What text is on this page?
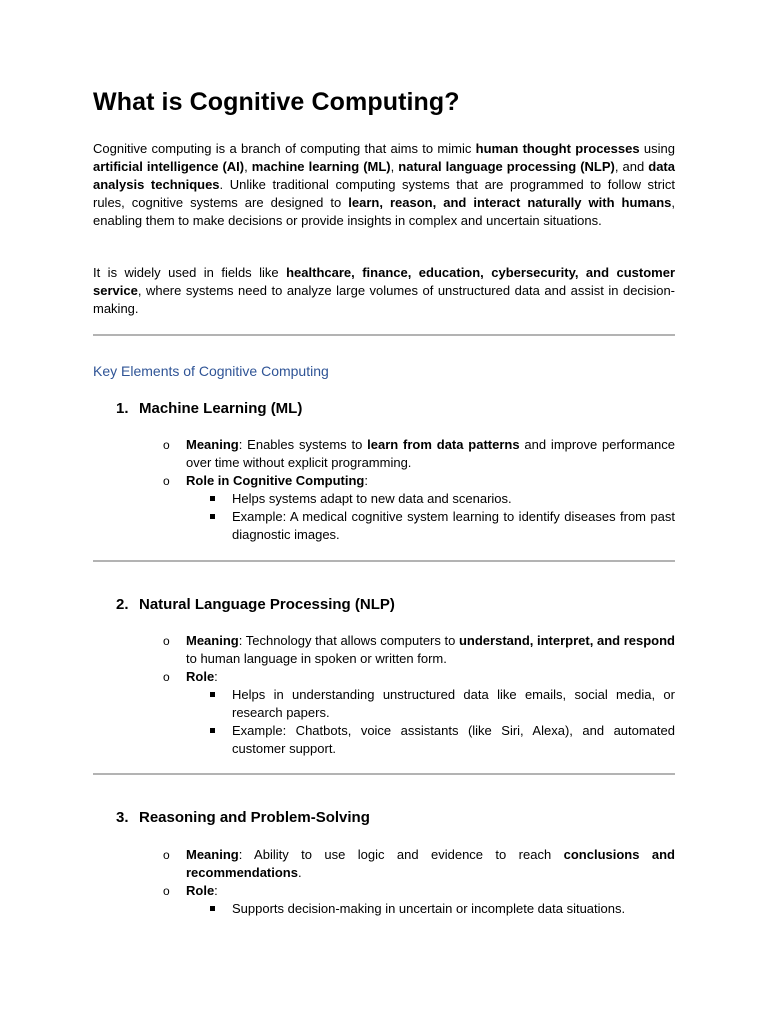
What is Cognitive Computing?

Cognitive computing is a branch of computing that aims to mimic human thought processes using artificial intelligence (AI), machine learning (ML), natural language processing (NLP), and data analysis techniques. Unlike traditional computing systems that are programmed to follow strict rules, cognitive systems are designed to learn, reason, and interact naturally with humans, enabling them to make decisions or provide insights in complex and uncertain situations.

It is widely used in fields like healthcare, finance, education, cybersecurity, and customer service, where systems need to analyze large volumes of unstructured data and assist in decision-making.

Key Elements of Cognitive Computing

1. Machine Learning (ML)

o Meaning: Enables systems to learn from data patterns and improve performance over time without explicit programming.

o Role in Cognitive Computing:

Helps systems adapt to new data and scenarios.

Example: A medical cognitive system learning to identify diseases from past diagnostic images.

2. Natural Language Processing (NLP)

o Meaning: Technology that allows computers to understand, interpret, and respond to human language in spoken or written form.

o Role:

Helps in understanding unstructured data like emails, social media, or research papers.

Example: Chatbots, voice assistants (like Siri, Alexa), and automated customer support.

3. Reasoning and Problem-Solving

o Meaning: Ability to use logic and evidence to reach conclusions and recommendations.

o Role:

Supports decision-making in uncertain or incomplete data situations.
